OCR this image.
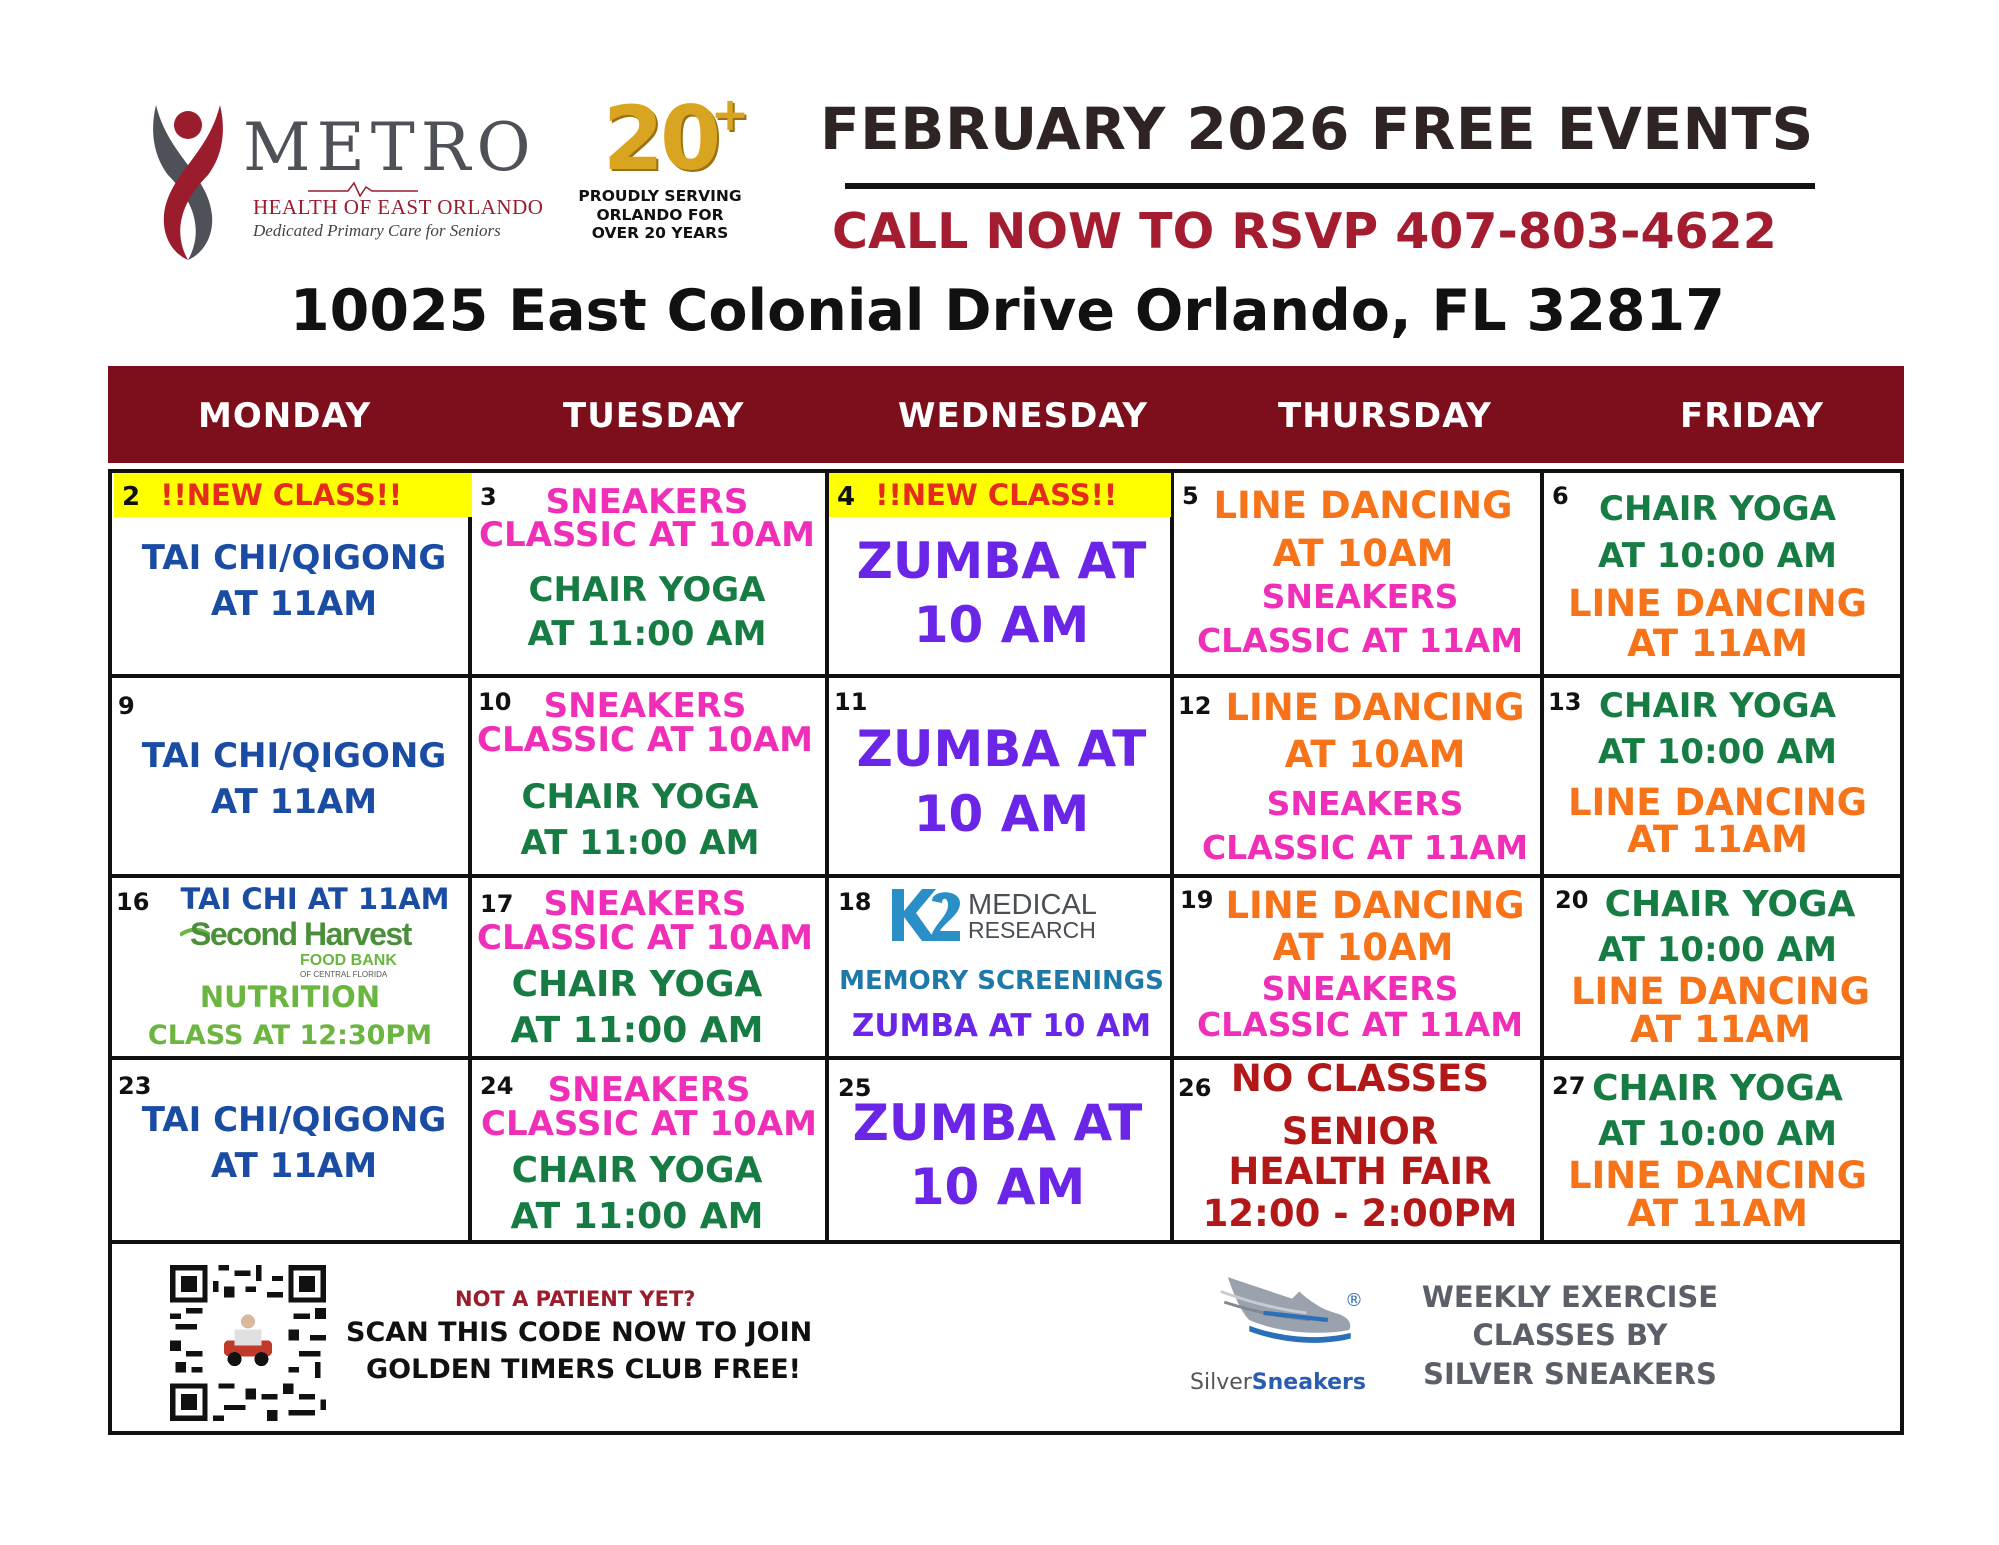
METRO
HEALTH OF EAST ORLANDO
Dedicated Primary Care for Seniors
20
+
PROUDLY SERVING
ORLANDO FOR
OVER 20 YEARS
FEBRUARY 2026 FREE EVENTS
CALL NOW TO RSVP 407-803-4622
10025 East Colonial Drive Orlando, FL 32817
MONDAY	TUESDAY	WEDNESDAY	THURSDAY	FRIDAY
2 !!NEW CLASS!!
TAI CHI/QIGONG
AT 11AM
3	SNEAKERS
CLASSIC AT 10AM
CHAIR YOGA
AT 11:00 AM
4 !!NEW CLASS!!
ZUMBA AT
10 AM
5 LINE DANCING
AT 10AM
SNEAKERS
CLASSIC AT 11AM
6 CHAIR YOGA
AT 10:00 AM
LINE DANCING
AT 11AM
9
TAI CHI/QIGONG
AT 11AM
10 SNEAKERS
CLASSIC AT 10AM
CHAIR YOGA
AT 11:00 AM
11
ZUMBA AT
10 AM
12 LINE DANCING
AT 10AM
SNEAKERS
CLASSIC AT 11AM
13 CHAIR YOGA
AT 10:00 AM
LINE DANCING
AT 11AM
16	TAI CHI AT 11AM
Second Harvest
FOOD BANK
OF CENTRAL FLORIDA
NUTRITION
CLASS AT 12:30PM
17 SNEAKERS
CLASSIC AT 10AM
CHAIR YOGA
AT 11:00 AM
18	MEDICAL
RESEARCH
MEMORY SCREENINGS
ZUMBA AT 10 AM
19 LINE DANCING
AT 10AM
SNEAKERS
CLASSIC AT 11AM
20 CHAIR YOGA
AT 10:00 AM
LINE DANCING
AT 11AM
23
TAI CHI/QIGONG
AT 11AM
24	SNEAKERS
CLASSIC AT 10AM
CHAIR YOGA
AT 11:00 AM
25
ZUMBA AT
10 AM
26 NO CLASSES
SENIOR
HEALTH FAIR
12:00 - 2:00PM
27 CHAIR YOGA
AT 10:00 AM
LINE DANCING
AT 11AM
NOT A PATIENT YET?
SCAN THIS CODE NOW TO JOIN
GOLDEN TIMERS CLUB FREE!
®
SilverSneakers
WEEKLY EXERCISE
CLASSES BY
SILVER SNEAKERS
